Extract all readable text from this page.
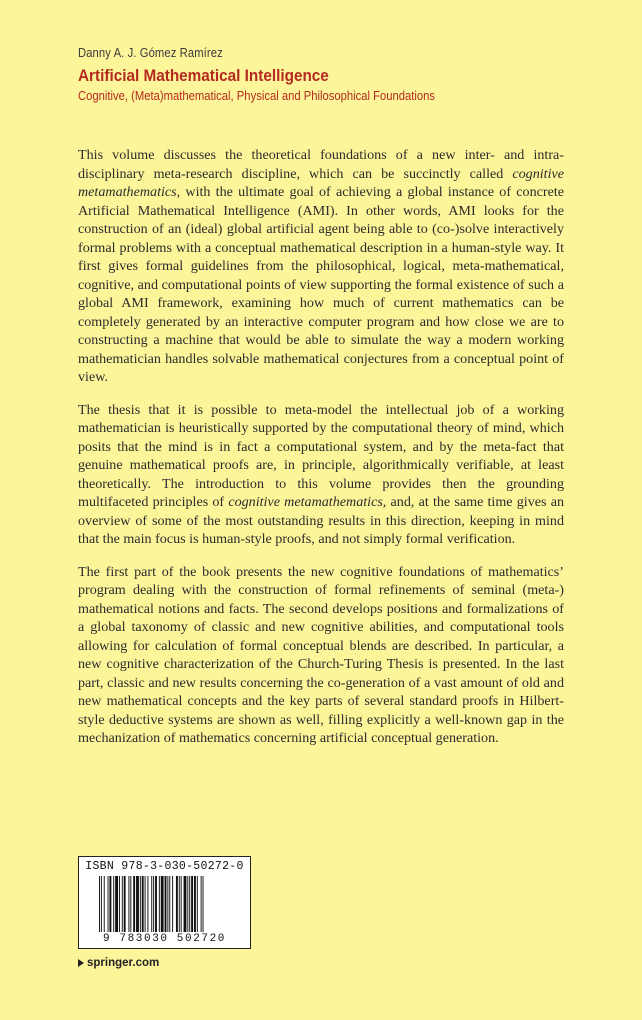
Danny A. J. Gómez Ramírez
Artificial Mathematical Intelligence
Cognitive, (Meta)mathematical, Physical and Philosophical Foundations

This volume discusses the theoretical foundations of a new inter- and intra-disciplinary meta-research discipline, which can be succinctly called cognitive metamathematics, with the ultimate goal of achieving a global instance of concrete Artificial Mathematical Intelligence (AMI). In other words, AMI looks for the construction of an (ideal) global artificial agent being able to (co-)solve interactively formal problems with a conceptual mathematical description in a human-style way. It first gives formal guidelines from the philosophical, logical, meta-mathematical, cognitive, and computational points of view supporting the formal existence of such a global AMI framework, examining how much of current mathematics can be completely generated by an interactive computer program and how close we are to constructing a machine that would be able to simulate the way a modern working mathematician handles solvable mathematical conjectures from a conceptual point of view.

The thesis that it is possible to meta-model the intellectual job of a working mathematician is heuristically supported by the computational theory of mind, which posits that the mind is in fact a computational system, and by the meta-fact that genuine mathematical proofs are, in principle, algorithmically verifiable, at least theoretically. The introduction to this volume provides then the grounding multifaceted principles of cognitive metamathematics, and, at the same time gives an overview of some of the most outstanding results in this direction, keeping in mind that the main focus is human-style proofs, and not simply formal verification.

The first part of the book presents the new cognitive foundations of mathematics’ program dealing with the construction of formal refinements of seminal (meta-) mathematical notions and facts. The second develops positions and formalizations of a global taxonomy of classic and new cognitive abilities, and computational tools allowing for calculation of formal conceptual blends are described. In particular, a new cognitive characterization of the Church-Turing Thesis is presented. In the last part, classic and new results concerning the co-generation of a vast amount of old and new mathematical concepts and the key parts of several standard proofs in Hilbert-style deductive systems are shown as well, filling explicitly a well-known gap in the mechanization of mathematics concerning artificial conceptual generation.

ISBN 978-3-030-50272-0
9 783030 502720
springer.com
